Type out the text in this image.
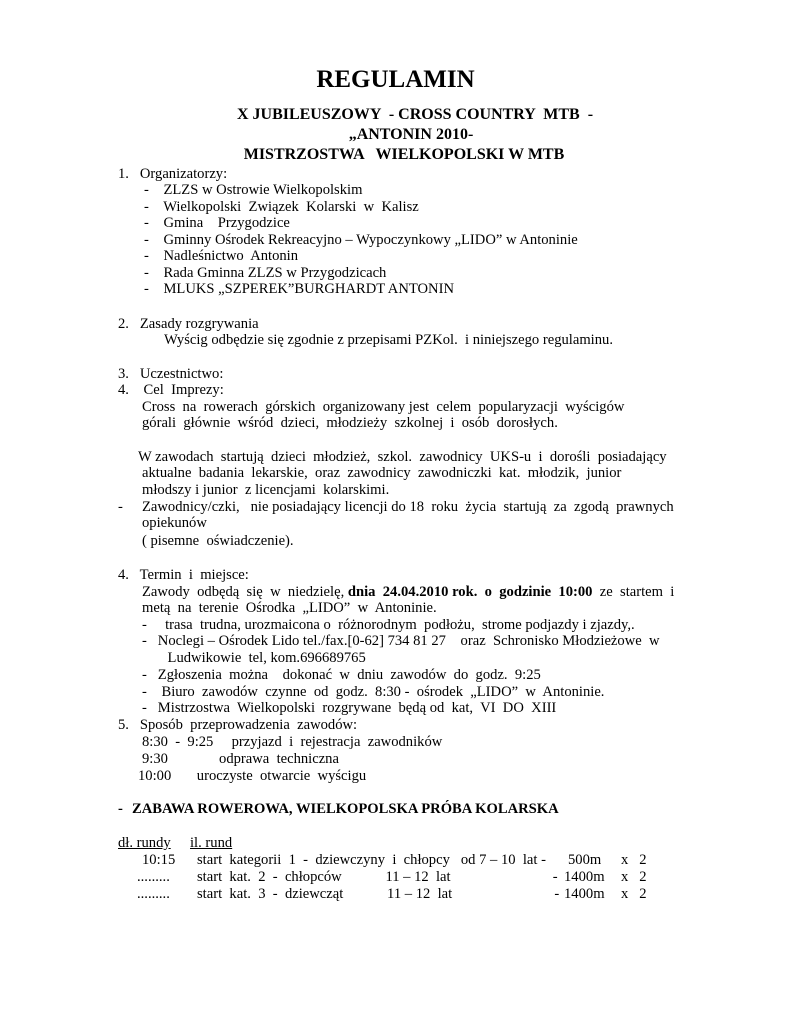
REGULAMIN
X JUBILEUSZOWY  - CROSS COUNTRY  MTB  -
„ANTONIN 2010-
MISTRZOSTWA   WIELKOPOLSKI W MTB
1.   Organizatorzy:
-    ZLZS w Ostrowie Wielkopolskim
-    Wielkopolski  Związek  Kolarski  w  Kalisz
-    Gmina    Przygodzice
-    Gminny Ośrodek Rekreacyjno – Wypoczynkowy „LIDO” w Antoninie
-    Nadleśnictwo  Antonin
-    Rada Gminna ZLZS w Przygodzicach
-    MLUKS „SZPEREK”BURGHARDT ANTONIN
2.   Zasady rozgrywania
Wyścig odbędzie się zgodnie z przepisami PZKol.  i niniejszego regulaminu.
3.   Uczestnictwo:
4.    Cel  Imprezy:
Cross  na  rowerach  górskich  organizowany jest  celem  popularyzacji  wyścigów
górali  głównie  wśród  dzieci,  młodzieży  szkolnej  i  osób  dorosłych.
W zawodach  startują  dzieci  młodzież,  szkol.  zawodnicy  UKS-u  i  dorośli  posiadający
aktualne  badania  lekarskie,  oraz  zawodnicy  zawodniczki  kat.  młodzik,  junior
młodszy i junior  z licencjami  kolarskimi.
- Zawodnicy/czki,   nie posiadający licencji do 18  roku  życia  startują  za  zgodą  prawnych
opiekunów
( pisemne  oświadczenie).
4.   Termin  i  miejsce:
Zawody  odbędą  się  w  niedzielę, dnia  24.04.2010 rok.  o  godzinie  10:00  ze  startem  i
metą  na  terenie  Ośrodka  „LIDO”  w  Antoninie.
-     trasa  trudna, urozmaicona o  różnorodnym  podłożu,  strome podjazdy i zjazdy,.
-   Noclegi – Ośrodek Lido tel./fax.[0-62] 734 81 27    oraz  Schronisko Młodzieżowe  w
Ludwikowie  tel, kom.696689765
-   Zgłoszenia  można    dokonać  w  dniu  zawodów  do  godz.  9:25
-    Biuro  zawodów  czynne  od  godz.  8:30 -  ośrodek  „LIDO”  w  Antoninie.
-   Mistrzostwa  Wielkopolski  rozgrywane  będą od  kat,  VI  DO  XIII
5.   Sposób  przeprowadzenia  zawodów:
8:30  -  9:25     przyjazd  i  rejestracja  zawodników
9:30              odprawa  techniczna
10:00       uroczyste  otwarcie  wyścigu
- ZABAWA ROWEROWA, WIELKOPOLSKA PRÓBA KOLARSKA
dł. rundy il. rund
10:15 start  kategorii  1  -  dziewczyny  i  chłopcy   od 7 – 10  lat - 500m x   2
......... start  kat.  2  -  chłopców            11 – 12  lat                            - 1400m x   2
......... start  kat.  3  -  dziewcząt            11 – 12  lat                            - 1400m x   2
